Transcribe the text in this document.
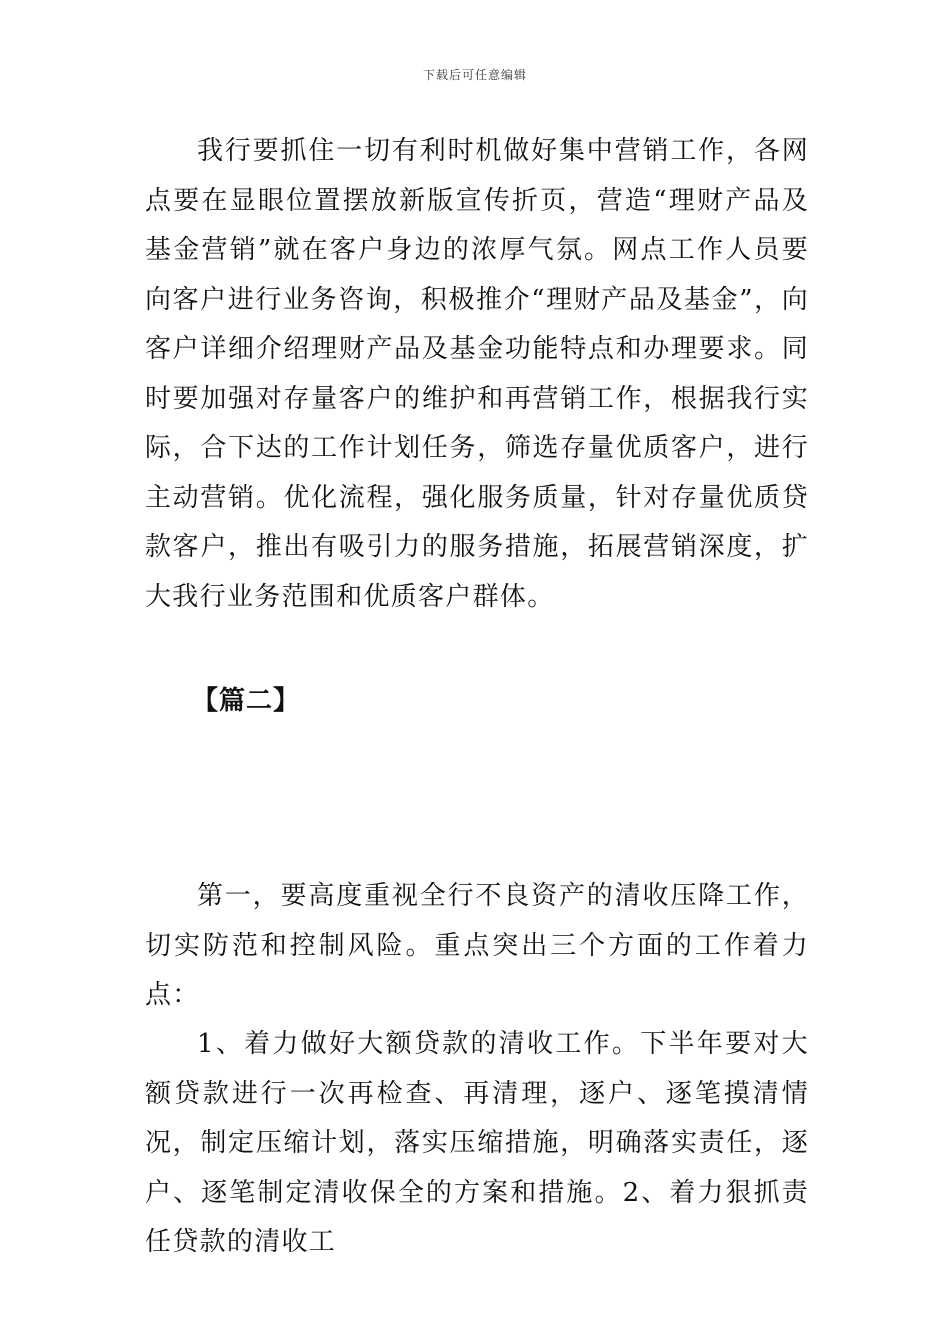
下载后可任意编辑

我行要抓住一切有利时机做好集中营销工作，各网点要在显眼位置摆放新版宣传折页，营造“理财产品及基金营销”就在客户身边的浓厚气氛。网点工作人员要向客户进行业务咨询，积极推介“理财产品及基金”，向客户详细介绍理财产品及基金功能特点和办理要求。同时要加强对存量客户的维护和再营销工作，根据我行实际，合下达的工作计划任务，筛选存量优质客户，进行主动营销。优化流程，强化服务质量，针对存量优质贷款客户，推出有吸引力的服务措施，拓展营销深度，扩大我行业务范围和优质客户群体。

【篇二】

第一，要高度重视全行不良资产的清收压降工作，切实防范和控制风险。重点突出三个方面的工作着力点：

1、着力做好大额贷款的清收工作。下半年要对大额贷款进行一次再检查、再清理，逐户、逐笔摸清情况，制定压缩计划，落实压缩措施，明确落实责任，逐户、逐笔制定清收保全的方案和措施。2、着力狠抓责任贷款的清收工
